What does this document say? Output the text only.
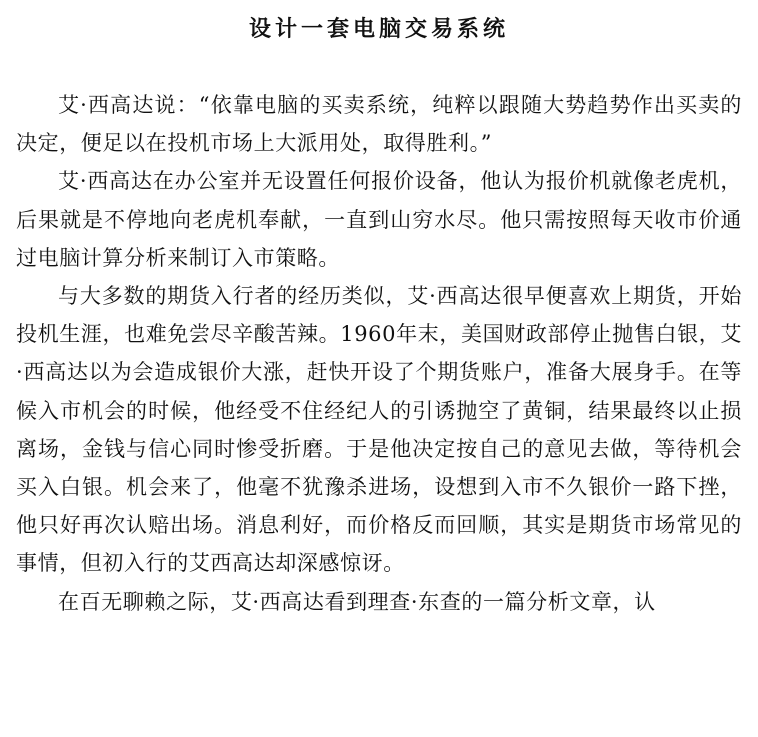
设计一套电脑交易系统

艾·西高达说：“依靠电脑的买卖系统，纯粹以跟随大势趋势作出买卖的决定，便足以在投机市场上大派用处，取得胜利。”

艾·西高达在办公室并无设置任何报价设备，他认为报价机就像老虎机，后果就是不停地向老虎机奉献，一直到山穷水尽。他只需按照每天收市价通过电脑计算分析来制订入市策略。

与大多数的期货入行者的经历类似，艾·西高达很早便喜欢上期货，开始投机生涯，也难免尝尽辛酸苦辣。1960年末，美国财政部停止抛售白银，艾·西高达以为会造成银价大涨，赶快开设了个期货账户，准备大展身手。在等候入市机会的时候，他经受不住经纪人的引诱抛空了黄铜，结果最终以止损离场，金钱与信心同时惨受折磨。于是他决定按自己的意见去做，等待机会买入白银。机会来了，他毫不犹豫杀进场，设想到入市不久银价一路下挫，他只好再次认赔出场。消息利好，而价格反而回顺，其实是期货市场常见的事情，但初入行的艾西高达却深感惊讶。

在百无聊赖之际，艾·西高达看到理查·东查的一篇分析文章，认
